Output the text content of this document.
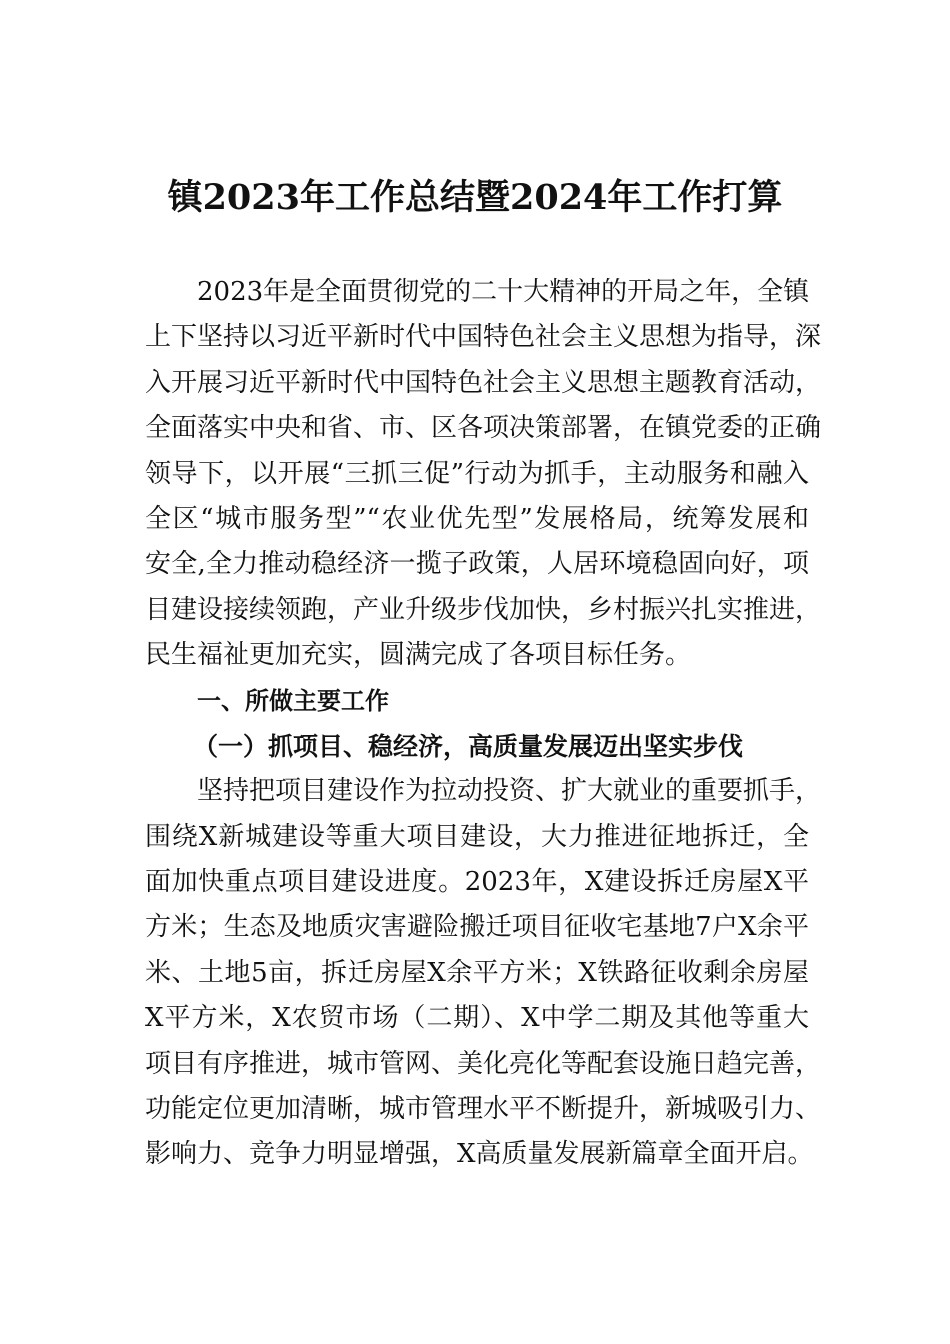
镇2023年工作总结暨2024年工作打算
2023年是全面贯彻党的二十大精神的开局之年，全镇
上下坚持以习近平新时代中国特色社会主义思想为指导，深
入开展习近平新时代中国特色社会主义思想主题教育活动，
全面落实中央和省、市、区各项决策部署，在镇党委的正确
领导下，以开展“三抓三促”行动为抓手，主动服务和融入
全区“城市服务型”“农业优先型”发展格局，统筹发展和
安全,全力推动稳经济一揽子政策，人居环境稳固向好，项
目建设接续领跑，产业升级步伐加快，乡村振兴扎实推进，
民生福祉更加充实，圆满完成了各项目标任务。
一、所做主要工作
（一）抓项目、稳经济，高质量发展迈出坚实步伐
坚持把项目建设作为拉动投资、扩大就业的重要抓手，
围绕X新城建设等重大项目建设，大力推进征地拆迁，全
面加快重点项目建设进度。2023年，X建设拆迁房屋X平
方米；生态及地质灾害避险搬迁项目征收宅基地7户X余平
米、土地5亩，拆迁房屋X余平方米；X铁路征收剩余房屋
X平方米，X农贸市场（二期）、X中学二期及其他等重大
项目有序推进，城市管网、美化亮化等配套设施日趋完善，
功能定位更加清晰，城市管理水平不断提升，新城吸引力、
影响力、竞争力明显增强，X高质量发展新篇章全面开启。
